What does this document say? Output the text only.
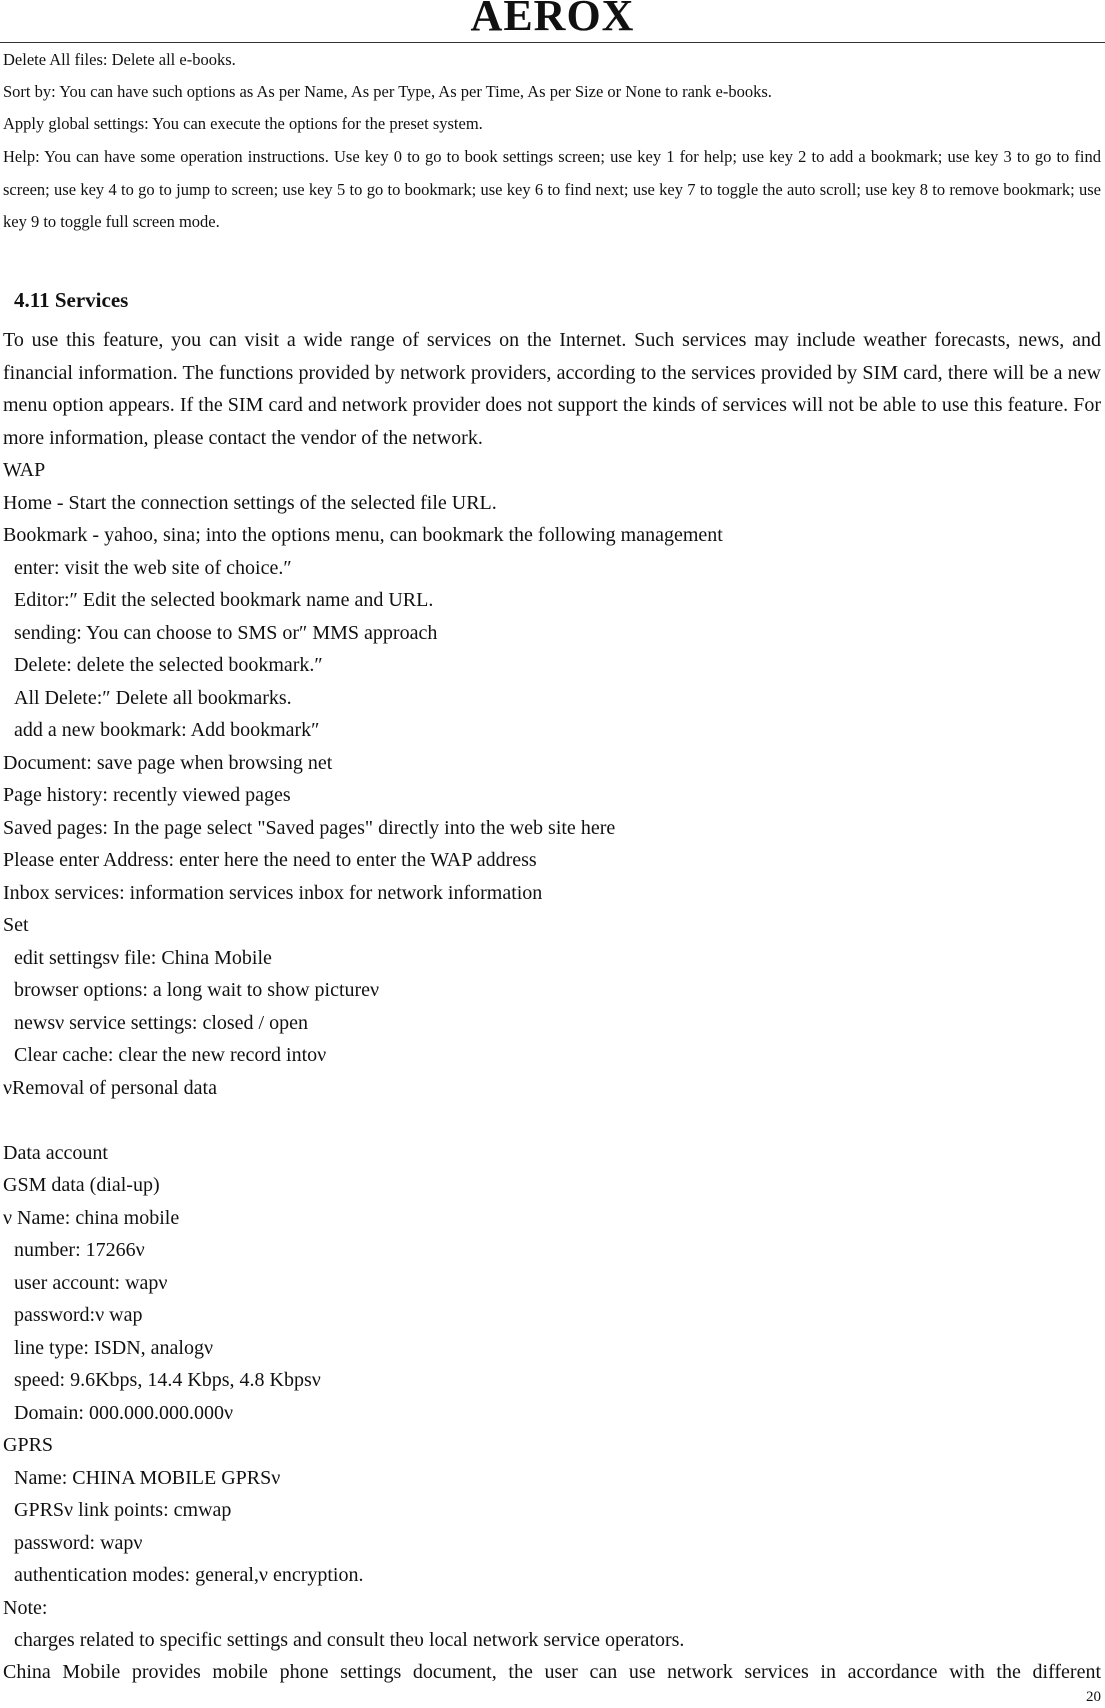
AEROX
Delete All files: Delete all e-books.
Sort by: You can have such options as As per Name, As per Type, As per Time, As per Size or None to rank e-books.
Apply global settings: You can execute the options for the preset system.
Help: You can have some operation instructions. Use key 0 to go to book settings screen; use key 1 for help; use key 2 to add a bookmark; use key 3 to go to find screen; use key 4 to go to jump to screen; use key 5 to go to bookmark; use key 6 to find next; use key 7 to toggle the auto scroll; use key 8 to remove bookmark; use key 9 to toggle full screen mode.
4.11 Services
To use this feature, you can visit a wide range of services on the Internet. Such services may include weather forecasts, news, and financial information. The functions provided by network providers, according to the services provided by SIM card, there will be a new menu option appears. If the SIM card and network provider does not support the kinds of services will not be able to use this feature. For more information, please contact the vendor of the network.
WAP
Home - Start the connection settings of the selected file URL.
Bookmark - yahoo, sina; into the options menu, can bookmark the following management
enter: visit the web site of choice.″
Editor:″ Edit the selected bookmark name and URL.
sending: You can choose to SMS or″ MMS approach
Delete: delete the selected bookmark.″
All Delete:″ Delete all bookmarks.
add a new bookmark: Add bookmark″
Document: save page when browsing net
Page history: recently viewed pages
Saved pages: In the page select "Saved pages" directly into the web site here
Please enter Address: enter here the need to enter the WAP address
Inbox services: information services inbox for network information
Set
edit settingsν file: China Mobile
browser options: a long wait to show pictureν
newsν service settings: closed / open
Clear cache: clear the new record intoν
νRemoval of personal data
Data account
GSM data (dial-up)
ν Name: china mobile
number: 17266ν
user account: wapν
password:ν wap
line type: ISDN, analogν
speed: 9.6Kbps, 14.4 Kbps, 4.8 Kbpsν
Domain: 000.000.000.000ν
GPRS
Name: CHINA MOBILE GPRSν
GPRSν link points: cmwap
password: wapν
authentication modes: general,ν encryption.
Note:
charges related to specific settings and consult theυ local network service operators.
China Mobile provides mobile phone settings document, the user can use network services in accordance with the different
20
